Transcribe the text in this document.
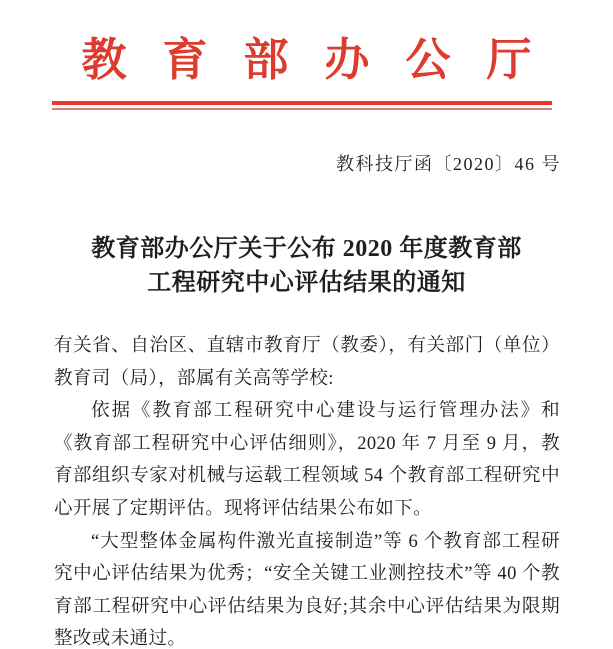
教育部办公厅
教科技厅函〔2020〕46 号
教育部办公厅关于公布 2020 年度教育部
工程研究中心评估结果的通知

有关省、自治区、直辖市教育厅（教委），有关部门（单位）教育司（局），部属有关高等学校:

依据《教育部工程研究中心建设与运行管理办法》和《教育部工程研究中心评估细则》，2020 年 7 月至 9 月，教育部组织专家对机械与运载工程领域 54 个教育部工程研究中心开展了定期评估。现将评估结果公布如下。

“大型整体金属构件激光直接制造”等 6 个教育部工程研究中心评估结果为优秀；“安全关键工业测控技术”等 40 个教育部工程研究中心评估结果为良好;其余中心评估结果为限期整改或未通过。
